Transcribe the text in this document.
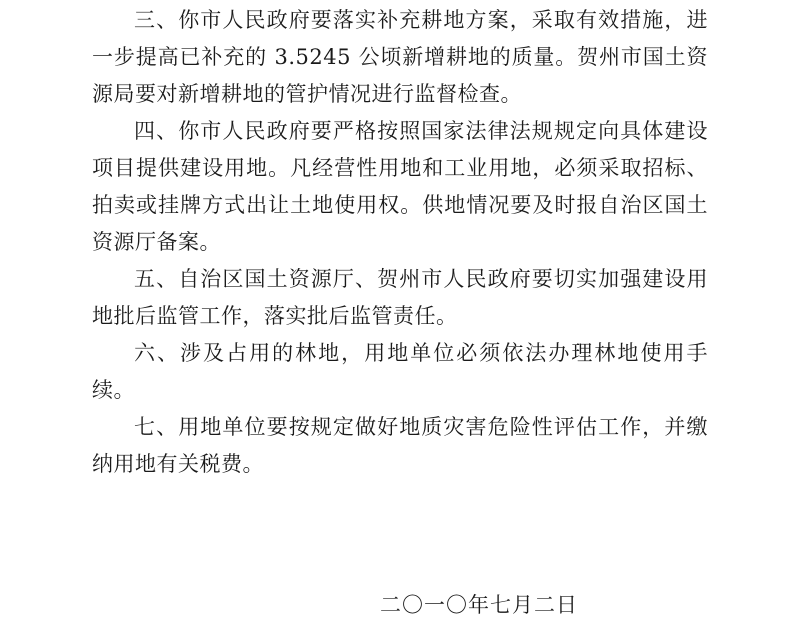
三、你市人民政府要落实补充耕地方案，采取有效措施，进一步提高已补充的 3.5245 公顷新增耕地的质量。贺州市国土资源局要对新增耕地的管护情况进行监督检查。

四、你市人民政府要严格按照国家法律法规规定向具体建设项目提供建设用地。凡经营性用地和工业用地，必须采取招标、拍卖或挂牌方式出让土地使用权。供地情况要及时报自治区国土资源厅备案。

五、自治区国土资源厅、贺州市人民政府要切实加强建设用地批后监管工作，落实批后监管责任。

六、涉及占用的林地，用地单位必须依法办理林地使用手续。

七、用地单位要按规定做好地质灾害危险性评估工作，并缴纳用地有关税费。

二〇一〇年七月二日
